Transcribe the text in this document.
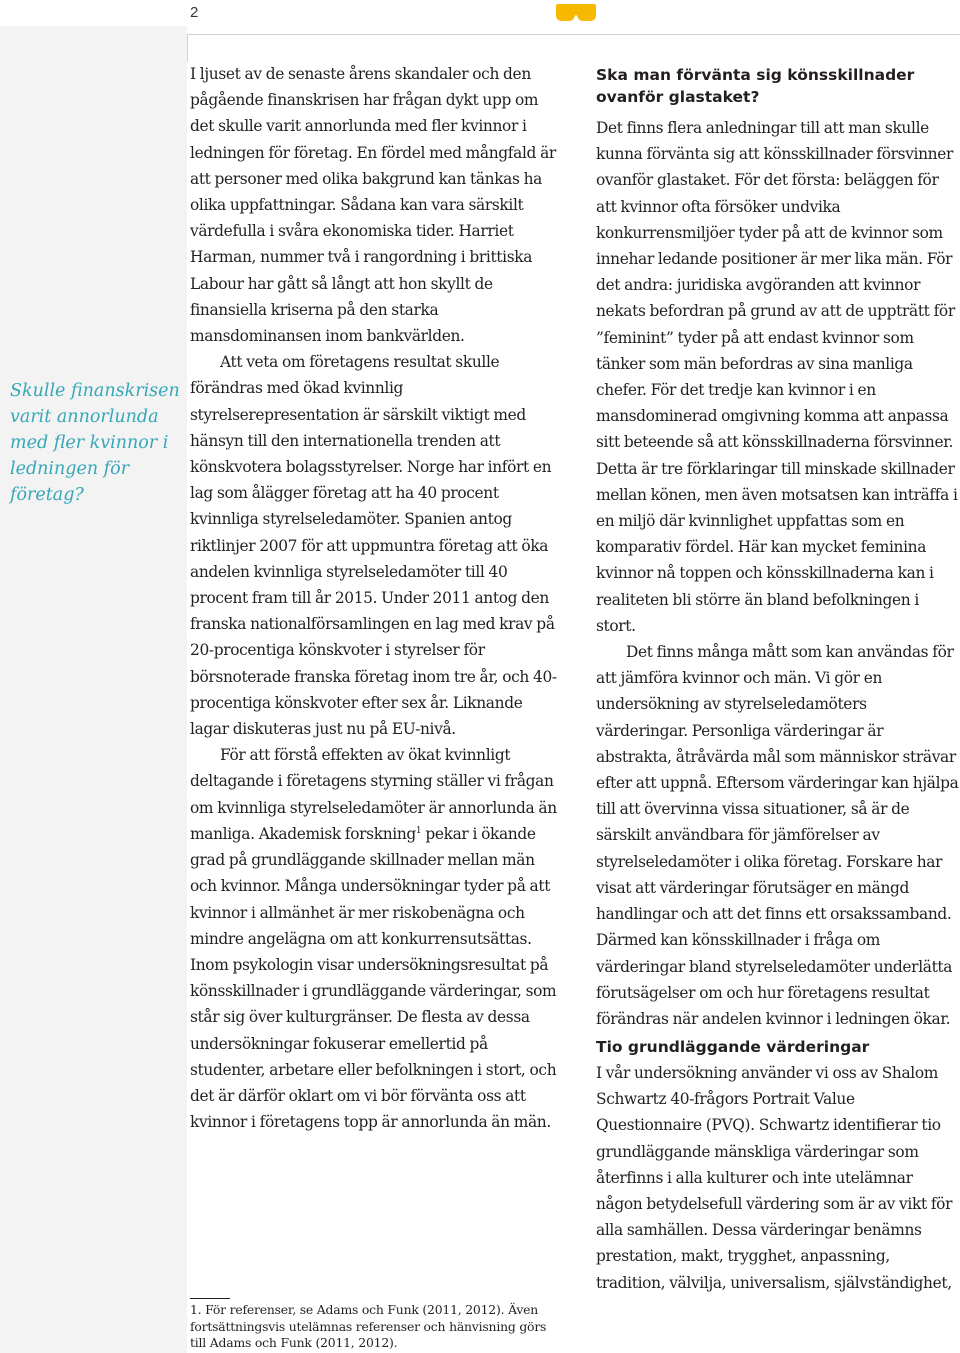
2

Skulle finanskrisen varit annorlunda med fler kvinnor i ledningen för företag?

I ljuset av de senaste årens skandaler och den pågående finanskrisen har frågan dykt upp om det skulle varit annorlunda med fler kvinnor i ledningen för företag. En fördel med mångfald är att personer med olika bakgrund kan tänkas ha olika uppfattningar. Sådana kan vara särskilt värdefulla i svåra ekonomiska tider. Harriet Harman, nummer två i rangordning i brittiska Labour har gått så långt att hon skyllt de finansiella kriserna på den starka mansdominansen inom bankvärlden.

Att veta om företagens resultat skulle förändras med ökad kvinnlig styrelserepresentation är särskilt viktigt med hänsyn till den internationella trenden att könskvotera bolagsstyrelser. Norge har infört en lag som ålägger företag att ha 40 procent kvinnliga styrelseledamöter. Spanien antog riktlinjer 2007 för att uppmuntra företag att öka andelen kvinnliga styrelseledamöter till 40 procent fram till år 2015. Under 2011 antog den franska nationalförsamlingen en lag med krav på 20-procentiga könskvoter i styrelser för börsnoterade franska företag inom tre år, och 40-procentiga könskvoter efter sex år. Liknande lagar diskuteras just nu på EU-nivå.

För att förstå effekten av ökat kvinnligt deltagande i företagens styrning ställer vi frågan om kvinnliga styrelseledamöter är annorlunda än manliga. Akademisk forskning$^1$ pekar i ökande grad på grundläggande skillnader mellan män och kvinnor. Många undersökningar tyder på att kvinnor i allmänhet är mer riskobenägna och mindre angelägna om att konkurrensutsättas. Inom psykologin visar undersökningsresultat på könsskillnader i grundläggande värderingar, som står sig över kulturgränser. De flesta av dessa undersökningar fokuserar emellertid på studenter, arbetare eller befolkningen i stort, och det är därför oklart om vi bör förvänta oss att kvinnor i företagens topp är annorlunda än män.

1. För referenser, se Adams och Funk (2011, 2012). Även fortsättningsvis utelämnas referenser och hänvisning görs till Adams och Funk (2011, 2012).

Ska man förvänta sig könsskillnader ovanför glastaket?

Det finns flera anledningar till att man skulle kunna förvänta sig att könsskillnader försvinner ovanför glastaket. För det första: beläggen för att kvinnor ofta försöker undvika konkurrensmiljöer tyder på att de kvinnor som innehar ledande positioner är mer lika män. För det andra: juridiska avgöranden att kvinnor nekats befordran på grund av att de uppträtt för ”feminint” tyder på att endast kvinnor som tänker som män befordras av sina manliga chefer. För det tredje kan kvinnor i en mansdominerad omgivning komma att anpassa sitt beteende så att könsskillnaderna försvinner. Detta är tre förklaringar till minskade skillnader mellan könen, men även motsatsen kan inträffa i en miljö där kvinnlighet uppfattas som en komparativ fördel. Här kan mycket feminina kvinnor nå toppen och könsskillnaderna kan i realiteten bli större än bland befolkningen i stort.

Det finns många mått som kan användas för att jämföra kvinnor och män. Vi gör en undersökning av styrelseledamöters värderingar. Personliga värderingar är abstrakta, åtråvärda mål som människor strävar efter att uppnå. Eftersom värderingar kan hjälpa till att övervinna vissa situationer, så är de särskilt användbara för jämförelser av styrelseledamöter i olika företag. Forskare har visat att värderingar förutsäger en mängd handlingar och att det finns ett orsakssamband. Därmed kan könsskillnader i fråga om värderingar bland styrelseledamöter underlätta förutsägelser om och hur företagens resultat förändras när andelen kvinnor i ledningen ökar.

Tio grundläggande värderingar

I vår undersökning använder vi oss av Shalom Schwartz 40-frågors Portrait Value Questionnaire (PVQ). Schwartz identifierar tio grundläggande mänskliga värderingar som återfinns i alla kulturer och inte utelämnar någon betydelsefull värdering som är av vikt för alla samhällen. Dessa värderingar benämns prestation, makt, trygghet, anpassning, tradition, välvilja, universalism, självständighet,
